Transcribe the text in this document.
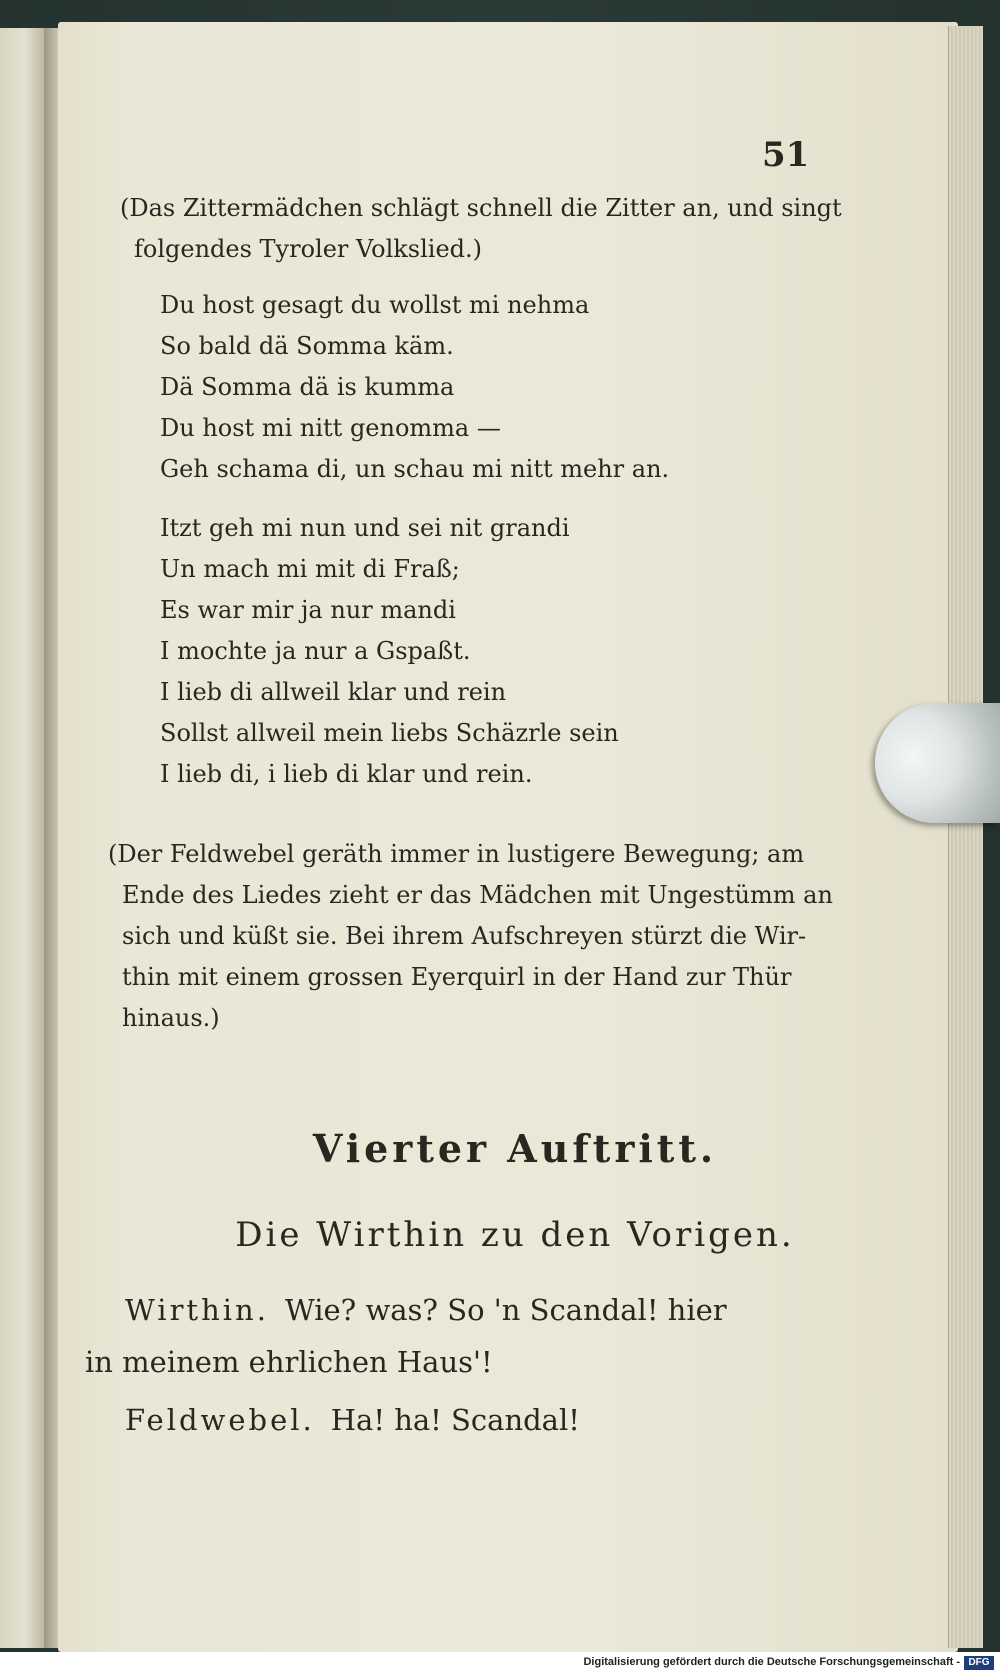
51
(Das Zittermädchen schlägt schnell die Zitter an, und singt
folgendes Tyroler Volkslied.)
Du host gesagt du wollst mi nehma
So bald dä Somma käm.
Dä Somma dä is kumma
Du host mi nitt genomma —
Geh schama di, un schau mi nitt mehr an.
Itzt geh mi nun und sei nit grandi
Un mach mi mit di Fraß;
Es war mir ja nur mandi
I mochte ja nur a Gspaßt.
I lieb di allweil klar und rein
Sollst allweil mein liebs Schäzrle sein
I lieb di, i lieb di klar und rein.
(Der Feldwebel geräth immer in lustigere Bewegung; am
Ende des Liedes zieht er das Mädchen mit Ungestümm an
sich und küßt sie. Bei ihrem Aufschreyen stürzt die Wir-
thin mit einem grossen Eyerquirl in der Hand zur Thür
hinaus.)
Vierter Auftritt.
Die Wirthin zu den Vorigen.
Wirthin. Wie? was? So 'n Scandal! hier
in meinem ehrlichen Haus'!
Feldwebel. Ha! ha! Scandal!
Digitalisierung gefördert durch die Deutsche Forschungsgemeinschaft - DFG
